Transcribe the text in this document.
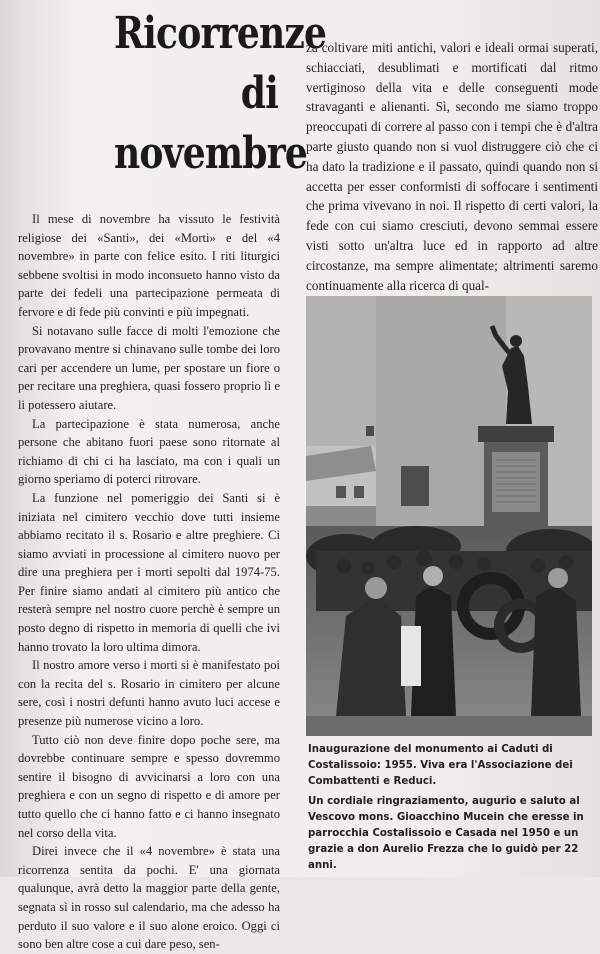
Ricorrenze
di novembre

Il mese di novembre ha vissuto le festività religiose dei «Santi», dei «Morti» e del «4 novembre» in parte con felice esito. I riti liturgici sebbene svoltisi in modo inconsueto hanno visto da parte dei fedeli una partecipazione permeata di fervore e di fede più convinti e più impegnati.

Si notavano sulle facce di molti l'emozione che provavano mentre si chinavano sulle tombe dei loro cari per accendere un lume, per spostare un fiore o per recitare una preghiera, quasi fossero proprio lì e li potessero aiutare.

La partecipazione è stata numerosa, anche persone che abitano fuori paese sono ritornate al richiamo di chi ci ha lasciato, ma con i quali un giorno speriamo di poterci ritrovare.

La funzione nel pomeriggio dei Santi si è iniziata nel cimitero vecchio dove tutti insieme abbiamo recitato il s. Rosario e altre preghiere. Ci siamo avviati in processione al cimitero nuovo per dire una preghiera per i morti sepolti dal 1974-75. Per finire siamo andati al cimitero più antico che resterà sempre nel nostro cuore perchè è sempre un posto degno di rispetto in memoria di quelli che ivi hanno trovato la loro ultima dimora.

Il nostro amore verso i morti si è manifestato poi con la recita del s. Rosario in cimitero per alcune sere, così i nostri defunti hanno avuto luci accese e presenze più numerose vicino a loro.

Tutto ciò non deve finire dopo poche sere, ma dovrebbe continuare sempre e spesso dovremmo sentire il bisogno di avvicinarsi a loro con una preghiera e con un segno di rispetto e di amore per tutto quello che ci hanno fatto e ci hanno insegnato nel corso della vita.

Direi invece che il «4 novembre» è stata una ricorrenza sentita da pochi. E' una giornata qualunque, avrà detto la maggior parte della gente, segnata sì in rosso sul calendario, ma che adesso ha perduto il suo valore e il suo alone eroico. Oggi ci sono ben altre cose a cui dare peso, sen-

za coltivare miti antichi, valori e ideali ormai superati, schiacciati, desublimati e mortificati dal ritmo vertiginoso della vita e delle conseguenti mode stravaganti e alienanti. Sì, secondo me siamo troppo preoccupati di correre al passo con i tempi che è d'altra parte giusto quando non si vuol distruggere ciò che ci ha dato la tradizione e il passato, quindi quando non si accetta per esser conformisti di soffocare i sentimenti che prima vivevano in noi. Il rispetto di certi valori, la fede con cui siamo cresciuti, devono semmai essere visti sotto un'altra luce ed in rapporto ad altre circostanze, ma sempre alimentate; altrimenti saremo continuamente alla ricerca di qual-

Inaugurazione del monumento ai Caduti di Costalissoio: 1955. Viva era l'Associazione dei Combattenti e Reduci.

Un cordiale ringraziamento, augurio e saluto al Vescovo mons. Gioacchino Mucein che eresse in parrocchia Costalissoio e Casada nel 1950 e un grazie a don Aurelio Frezza che lo guidò per 22 anni.
